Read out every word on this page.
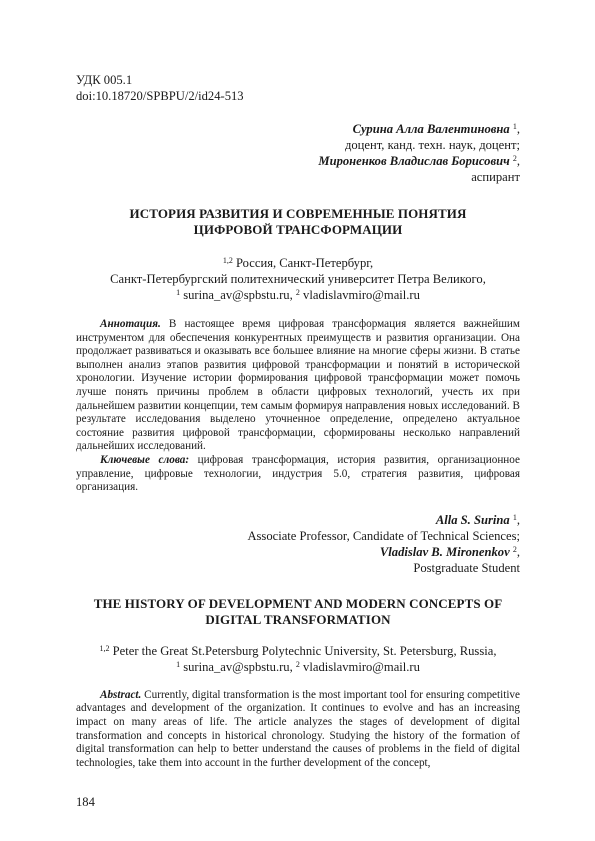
УДК 005.1
doi:10.18720/SPBPU/2/id24-513
Сурина Алла Валентиновна $^1$,
доцент, канд. техн. наук, доцент;
Мироненков Владислав Борисович $^2$,
аспирант
ИСТОРИЯ РАЗВИТИЯ И СОВРЕМЕННЫЕ ПОНЯТИЯ
ЦИФРОВОЙ ТРАНСФОРМАЦИИ
$^{1,2}$ Россия, Санкт-Петербург,
Санкт-Петербургский политехнический университет Петра Великого,
$^1$ surina_av@spbstu.ru, $^2$ vladislavmiro@mail.ru

Аннотация. В настоящее время цифровая трансформация является важнейшим инструментом для обеспечения конкурентных преимуществ и развития организации. Она продолжает развиваться и оказывать все большее влияние на многие сферы жизни. В статье выполнен анализ этапов развития цифровой трансформации и понятий в исторической хронологии. Изучение истории формирования цифровой трансформации может помочь лучше понять причины проблем в области цифровых технологий, учесть их при дальнейшем развитии концепции, тем самым формируя направления новых исследований. В результате исследования выделено уточненное определение, определено актуальное состояние развития цифровой трансформации, сформированы несколько направлений дальнейших исследований.

Ключевые слова: цифровая трансформация, история развития, организационное управление, цифровые технологии, индустрия 5.0, стратегия развития, цифровая организация.

Alla S. Surina $^1$,
Associate Professor, Candidate of Technical Sciences;
Vladislav B. Mironenkov $^2$,
Postgraduate Student
THE HISTORY OF DEVELOPMENT AND MODERN CONCEPTS OF
DIGITAL TRANSFORMATION
$^{1,2}$ Peter the Great St.Petersburg Polytechnic University, St. Petersburg, Russia,
$^1$ surina_av@spbstu.ru, $^2$ vladislavmiro@mail.ru

Abstract. Currently, digital transformation is the most important tool for ensuring competitive advantages and development of the organization. It continues to evolve and has an increasing impact on many areas of life. The article analyzes the stages of development of digital transformation and concepts in historical chronology. Studying the history of the formation of digital transformation can help to better understand the causes of problems in the field of digital technologies, take them into account in the further development of the concept,

184
